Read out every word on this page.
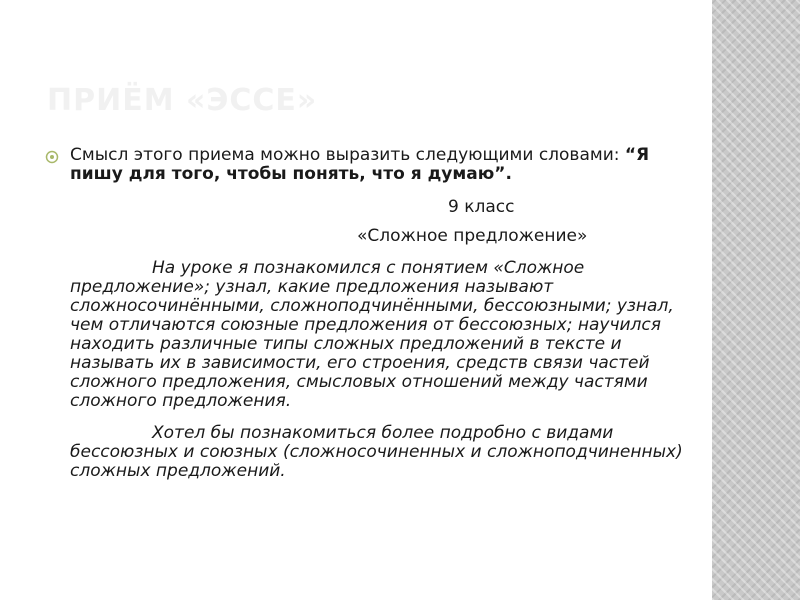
ПРИЁМ «ЭССЕ»

Смысл этого приема можно выразить следующими словами: “Я пишу для того, чтобы понять, что я думаю”.

9 класс

«Сложное предложение»

На уроке я познакомился с понятием «Сложное предложение»; узнал, какие предложения называют сложносочинёнными, сложноподчинёнными, бессоюзными; узнал, чем отличаются союзные предложения от бессоюзных; научился находить различные типы сложных предложений в тексте и называть их в зависимости, его строения, средств связи частей сложного предложения, смысловых отношений между частями сложного предложения.

Хотел бы познакомиться более подробно с видами бессоюзных и союзных (сложносочиненных и сложноподчиненных) сложных предложений.
